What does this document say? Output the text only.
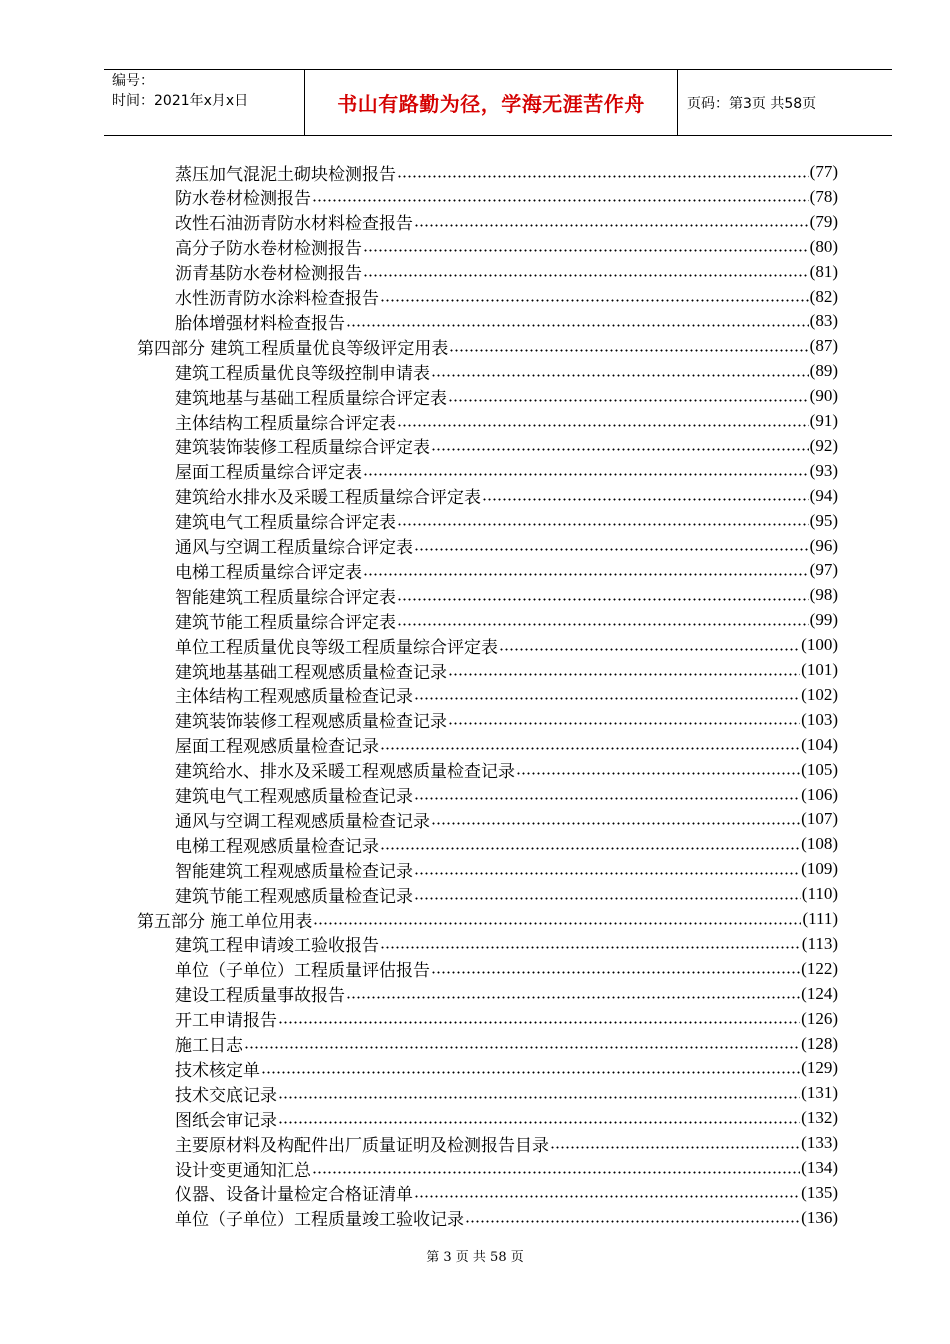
编号：
时间：2021年x月x日	书山有路勤为径，学海无涯苦作舟	页码：第3页 共58页
蒸压加气混泥土砌块检测报告	(77)
防水卷材检测报告	(78)
改性石油沥青防水材料检查报告	(79)
高分子防水卷材检测报告	(80)
沥青基防水卷材检测报告	(81)
水性沥青防水涂料检查报告	(82)
胎体增强材料检查报告	(83)
第四部分 建筑工程质量优良等级评定用表	(87)
建筑工程质量优良等级控制申请表	(89)
建筑地基与基础工程质量综合评定表	(90)
主体结构工程质量综合评定表	(91)
建筑装饰装修工程质量综合评定表	(92)
屋面工程质量综合评定表	(93)
建筑给水排水及采暖工程质量综合评定表	(94)
建筑电气工程质量综合评定表	(95)
通风与空调工程质量综合评定表	(96)
电梯工程质量综合评定表	(97)
智能建筑工程质量综合评定表	(98)
建筑节能工程质量综合评定表	(99)
单位工程质量优良等级工程质量综合评定表	(100)
建筑地基基础工程观感质量检查记录	(101)
主体结构工程观感质量检查记录	(102)
建筑装饰装修工程观感质量检查记录	(103)
屋面工程观感质量检查记录	(104)
建筑给水、排水及采暖工程观感质量检查记录	(105)
建筑电气工程观感质量检查记录	(106)
通风与空调工程观感质量检查记录	(107)
电梯工程观感质量检查记录	(108)
智能建筑工程观感质量检查记录	(109)
建筑节能工程观感质量检查记录	(110)
第五部分 施工单位用表	(111)
建筑工程申请竣工验收报告	(113)
单位（子单位）工程质量评估报告	(122)
建设工程质量事故报告	(124)
开工申请报告	(126)
施工日志	(128)
技术核定单	(129)
技术交底记录	(131)
图纸会审记录	(132)
主要原材料及构配件出厂质量证明及检测报告目录	(133)
设计变更通知汇总	(134)
仪器、设备计量检定合格证清单	(135)
单位（子单位）工程质量竣工验收记录	(136)
第 3 页 共 58 页
